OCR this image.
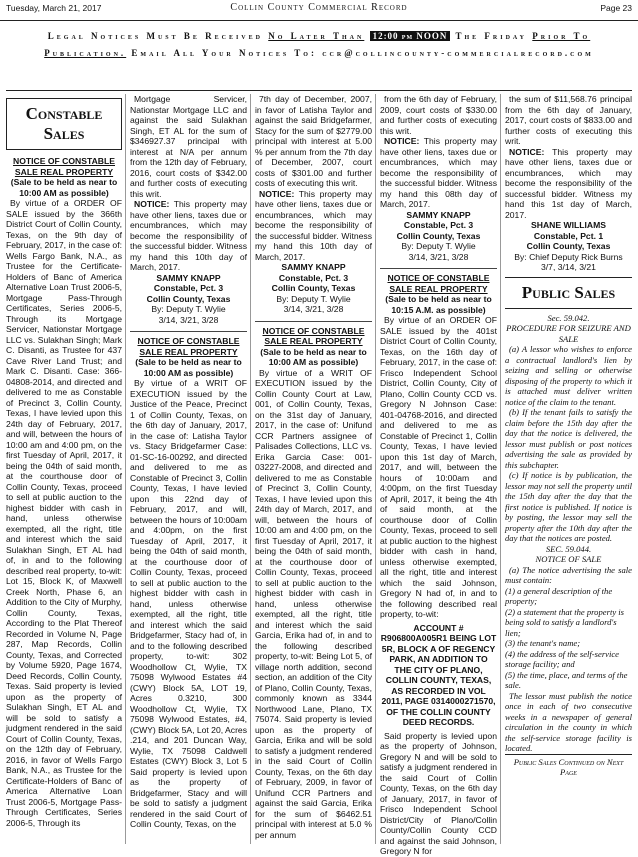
Tuesday, March 21, 2017	Collin County Commercial Record	Page 23
Legal Notices Must Be Received No Later Than 12:00 pm NOON The Friday Prior To Publication. Email All Your Notices To: ccr@collincounty-commercialrecord.com
Constable Sales

NOTICE OF CONSTABLE SALE REAL PROPERTY

(Sale to be held as near to 10:00 AM as possible)

By virtue of a ORDER OF SALE issued by the 366th District Court of Collin County, Texas, on the 9th day of February, 2017, in the case of: Wells Fargo Bank, N.A., as Trustee for the Certificate-Holders of Banc of America Alternative Loan Trust 2006-5, Mortgage Pass-Through Certificates, Series 2006-5, Through its Mortgage Servicer, Nationstar Mortgage LLC vs. Sulakhan Singh; Mark C. Disanti, as Trustee for 437 Cave River Land Trust; and Mark C. Disanti. Case: 366-04808-2014, and directed and delivered to me as Constable of Precinct 3, Collin County, Texas, I have levied upon this 24th day of February, 2017, and will, between the hours of 10:00 am and 4:00 pm, on the first Tuesday of April, 2017, it being the 04th of said month, at the courthouse door of Collin County, Texas, proceed to sell at public auction to the highest bidder with cash in hand, unless otherwise exempted, all the right, title and interest which the said Sulakhan Singh, ET AL had of, in and to the following described real property, to-wit: Lot 15, Block K, of Maxwell Creek North, Phase 6, an Addition to the City of Murphy, Collin County, Texas, According to the Plat Thereof Recorded in Volume N, Page 287, Map Records, Collin County, Texas, and Corrected by Volume 5920, Page 1674, Deed Records, Collin County, Texas. Said property is levied upon as the property of Sulakhan Singh, ET AL and will be sold to satisfy a judgment rendered in the said Court of Collin County, Texas, on the 12th day of February, 2016, in favor of Wells Fargo Bank, N.A., as Trustee for the Certificate-Holders of Banc of America Alternative Loan Trust 2006-5, Mortgage Pass-Through Certificates, Series 2006-5, Through its

Mortgage Servicer, Nationstar Mortgage LLC and against the said Sulakhan Singh, ET AL for the sum of $346927.37 principal with interest at N/A per annum from the 12th day of February, 2016, court costs of $342.00 and further costs of executing this writ.

NOTICE: This property may have other liens, taxes due or encumbrances, which may become the responsibility of the successful bidder. Witness my hand this 10th day of March, 2017.

SAMMY KNAPP

Constable, Pct. 3

Collin County, Texas

By: Deputy T. Wylie

3/14, 3/21, 3/28

NOTICE OF CONSTABLE SALE REAL PROPERTY

(Sale to be held as near to 10:00 AM as possible)

By virtue of a WRIT OF EXECUTION issued by the Justice of the Peace, Precinct 1 of Collin County, Texas, on the 6th day of January, 2017, in the case of: Latisha Taylor vs. Stacy Bridgefarmer Case: 01-SC-16-00292, and directed and delivered to me as Constable of Precinct 3, Collin County, Texas, I have levied upon this 22nd day of February, 2017, and will, between the hours of 10:00am and 4:00pm, on the first Tuesday of April, 2017, it being the 04th of said month, at the courthouse door of Collin County, Texas, proceed to sell at public auction to the highest bidder with cash in hand, unless otherwise exempted, all the right, title and interest which the said Bridgefarmer, Stacy had of, in and to the following described property, to-wit: 302 Woodhollow Ct, Wylie, TX 75098 Wylwood Estates #4 (CWY) Block 5A, LOT 19, Acres 0.3210, 300 Woodhollow Ct, Wylie, TX 75098 Wylwood Estates, #4, (CWY) Block 5A, Lot 20, Acres .214, and 201 Duncan Way, Wylie, TX 75098 Caldwell Estates (CWY) Block 3, Lot 5 Said property is levied upon as the property of Bridgefarmer, Stacy and will be sold to satisfy a judgment rendered in the said Court of Collin County, Texas, on the

7th day of December, 2007, in favor of Latisha Taylor and against the said Bridgefarmer, Stacy for the sum of $2779.00 principal with interest at 5.00 % per annum from the 7th day of December, 2007, court costs of $301.00 and further costs of executing this writ.

NOTICE: This property may have other liens, taxes due or encumbrances, which may become the responsibility of the successful bidder. Witness my hand this 10th day of March, 2017.

SAMMY KNAPP

Constable, Pct. 3

Collin County, Texas

By: Deputy T. Wylie

3/14, 3/21, 3/28

NOTICE OF CONSTABLE SALE REAL PROPERTY

(Sale to be held as near to 10:00 AM as possible)

By virtue of a WRIT OF EXECUTION issued by the Collin County Court at Law, 001, of Collin County, Texas, on the 31st day of January, 2017, in the case of: Unifund CCR Partners assignee of Palisades Collections, LLC vs. Erika Garcia Case: 001-03227-2008, and directed and delivered to me as Constable of Precinct 3, Collin County, Texas, I have levied upon this 24th day of March, 2017, and will, between the hours of 10:00 am and 4:00 pm, on the first Tuesday of April, 2017, it being the 04th of said month, at the courthouse door of Collin County, Texas, proceed to sell at public auction to the highest bidder with cash in hand, unless otherwise exempted, all the right, title and interest which the said Garcia, Erika had of, in and to the following described property, to-wit: Being Lot 5, of village north addition, second section, an addition of the City of Plano, Collin County, Texas, commonly known as 3344 Northwood Lane, Plano, TX 75074. Said property is levied upon as the property of Garcia, Erika and will be sold to satisfy a judgment rendered in the said Court of Collin County, Texas, on the 6th day of February, 2009, in favor of Unifund CCR Partners and against the said Garcia, Erika for the sum of $6462.51 principal with interest at 5.0 % per annum

from the 6th day of February, 2009, court costs of $330.00 and further costs of executing this writ.

NOTICE: This property may have other liens, taxes due or encumbrances, which may become the responsibility of the successful bidder. Witness my hand this 08th day of March, 2017.

SAMMY KNAPP

Constable, Pct. 3

Collin County, Texas

By: Deputy T. Wylie

3/14, 3/21, 3/28

NOTICE OF CONSTABLE SALE REAL PROPERTY

(Sale to be held as near to 10:15 A.M. as possible)

By virtue of an ORDER OF SALE issued by the 401st District Court of Collin County, Texas, on the 16th day of February, 2017, in the case of: Frisco Independent School District, Collin County, City of Plano, Collin County CCD vs. Gregory N Johnson Case: 401-04768-2016, and directed and delivered to me as Constable of Precinct 1, Collin County, Texas, I have levied upon this 1st day of March, 2017, and will, between the hours of 10:00am and 4:00pm, on the first Tuesday of April, 2017, it being the 4th of said month, at the courthouse door of Collin County, Texas, proceed to sell at public auction to the highest bidder with cash in hand, unless otherwise exempted, all the right, title and interest which the said Johnson, Gregory N had of, in and to the following described real property, to-wit:

ACCOUNT # R906800A005R1 BEING LOT 5R, BLOCK A OF REGENCY PARK, AN ADDITION TO THE CITY OF PLANO, COLLIN COUNTY, TEXAS, AS RECORDED IN VOL 2011, PAGE 0314000271570, OF THE COLLIN COUNTY DEED RECORDS.

Said property is levied upon as the property of Johnson, Gregory N and will be sold to satisfy a judgment rendered in the said Court of Collin County, Texas, on the 6th day of January, 2017, in favor of Frisco Independent School District/City of Plano/Collin County/Collin County CCD and against the said Johnson, Gregory N for

the sum of $11,568.76 principal from the 6th day of January, 2017, court costs of $833.00 and further costs of executing this writ.

NOTICE: This property may have other liens, taxes due or encumbrances, which may become the responsibility of the successful bidder. Witness my hand this 1st day of March, 2017.

SHANE WILLIAMS

Constable, Pct. 1

Collin County, Texas

By: Chief Deputy Rick Burns

3/7, 3/14, 3/21

Public Sales

Sec. 59.042.

PROCEDURE FOR SEIZURE AND SALE

(a) A lessor who wishes to enforce a contractual landlord's lien by seizing and selling or otherwise disposing of the property to which it is attached must deliver written notice of the claim to the tenant.

(b) If the tenant fails to satisfy the claim before the 15th day after the day that the notice is delivered, the lessor must publish or post notices advertising the sale as provided by this subchapter.

(c) If notice is by publication, the lessor may not sell the property until the 15th day after the day that the first notice is published. If notice is by posting, the lessor may sell the property after the 10th day after the day that the notices are posted.

SEC. 59.044.

NOTICE OF SALE

(a) The notice advertising the sale must contain:

(1) a general description of the property;

(2) a statement that the property is being sold to satisfy a landlord's lien;

(3) the tenant's name;

(4) the address of the self-service storage facility; and

(5) the time, place, and terms of the sale.

The lessor must publish the notice once in each of two consecutive weeks in a newspaper of general circulation in the county in which the self-service storage facility is located.

Public Sales Continued on Next Page
